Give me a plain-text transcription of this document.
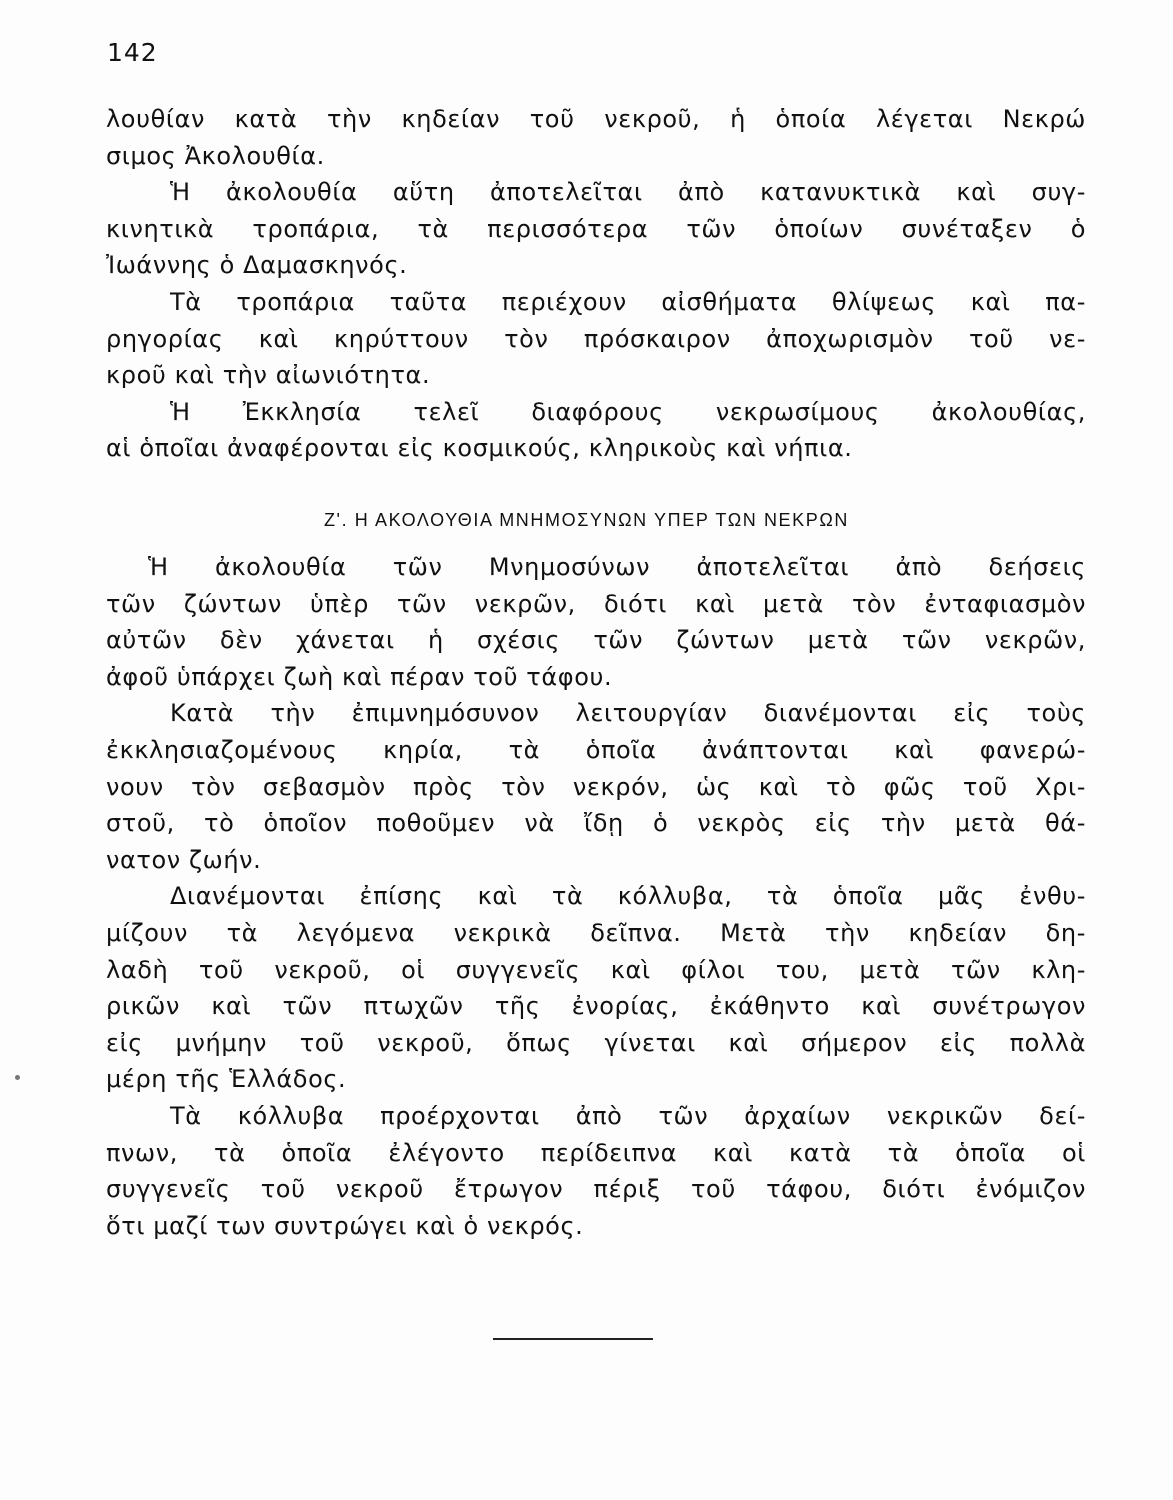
142
λουθίαν κατὰ τὴν κηδείαν τοῦ νεκροῦ, ἡ ὁποία λέγεται Νεκρώ
σιμος Ἀκολουθία.
Ἡ ἀκολουθία αὕτη ἀποτελεῖται ἀπὸ κατανυκτικὰ καὶ συγ-
κινητικὰ τροπάρια, τὰ περισσότερα τῶν ὁποίων συνέταξεν ὁ
Ἰωάννης ὁ Δαμασκηνός.
Τὰ τροπάρια ταῦτα περιέχουν αἰσθήματα θλίψεως καὶ πα-
ρηγορίας καὶ κηρύττουν τὸν πρόσκαιρον ἀποχωρισμὸν τοῦ νε-
κροῦ καὶ τὴν αἰωνιότητα.
Ἡ Ἐκκλησία τελεῖ διαφόρους νεκρωσίμους ἀκολουθίας,
αἱ ὁποῖαι ἀναφέρονται εἰς κοσμικούς, κληρικοὺς καὶ νήπια.
Ζ'. Η ΑΚΟΛΟΥΘΙΑ ΜΝΗΜΟΣΥΝΩΝ ΥΠΕΡ ΤΩΝ ΝΕΚΡΩΝ
Ἡ ἀκολουθία τῶν Μνημοσύνων ἀποτελεῖται ἀπὸ δεήσεις
τῶν ζώντων ὑπὲρ τῶν νεκρῶν, διότι καὶ μετὰ τὸν ἐνταφιασμὸν
αὐτῶν δὲν χάνεται ἡ σχέσις τῶν ζώντων μετὰ τῶν νεκρῶν,
ἀφοῦ ὑπάρχει ζωὴ καὶ πέραν τοῦ τάφου.
Κατὰ τὴν ἐπιμνημόσυνον λειτουργίαν διανέμονται εἰς τοὺς
ἐκκλησιαζομένους κηρία, τὰ ὁποῖα ἀνάπτονται καὶ φανερώ-
νουν τὸν σεβασμὸν πρὸς τὸν νεκρόν, ὡς καὶ τὸ φῶς τοῦ Χρι-
στοῦ, τὸ ὁποῖον ποθοῦμεν νὰ ἴδῃ ὁ νεκρὸς εἰς τὴν μετὰ θά-
νατον ζωήν.
Διανέμονται ἐπίσης καὶ τὰ κόλλυβα, τὰ ὁποῖα μᾶς ἐνθυ-
μίζουν τὰ λεγόμενα νεκρικὰ δεῖπνα. Μετὰ τὴν κηδείαν δη-
λαδὴ τοῦ νεκροῦ, οἱ συγγενεῖς καὶ φίλοι του, μετὰ τῶν κλη-
ρικῶν καὶ τῶν πτωχῶν τῆς ἐνορίας, ἐκάθηντο καὶ συνέτρωγον
εἰς μνήμην τοῦ νεκροῦ, ὅπως γίνεται καὶ σήμερον εἰς πολλὰ
μέρη τῆς Ἑλλάδος.
Τὰ κόλλυβα προέρχονται ἀπὸ τῶν ἀρχαίων νεκρικῶν δεί-
πνων, τὰ ὁποῖα ἐλέγοντο περίδειπνα καὶ κατὰ τὰ ὁποῖα οἱ
συγγενεῖς τοῦ νεκροῦ ἔτρωγον πέριξ τοῦ τάφου, διότι ἐνόμιζον
ὅτι μαζί των συντρώγει καὶ ὁ νεκρός.
